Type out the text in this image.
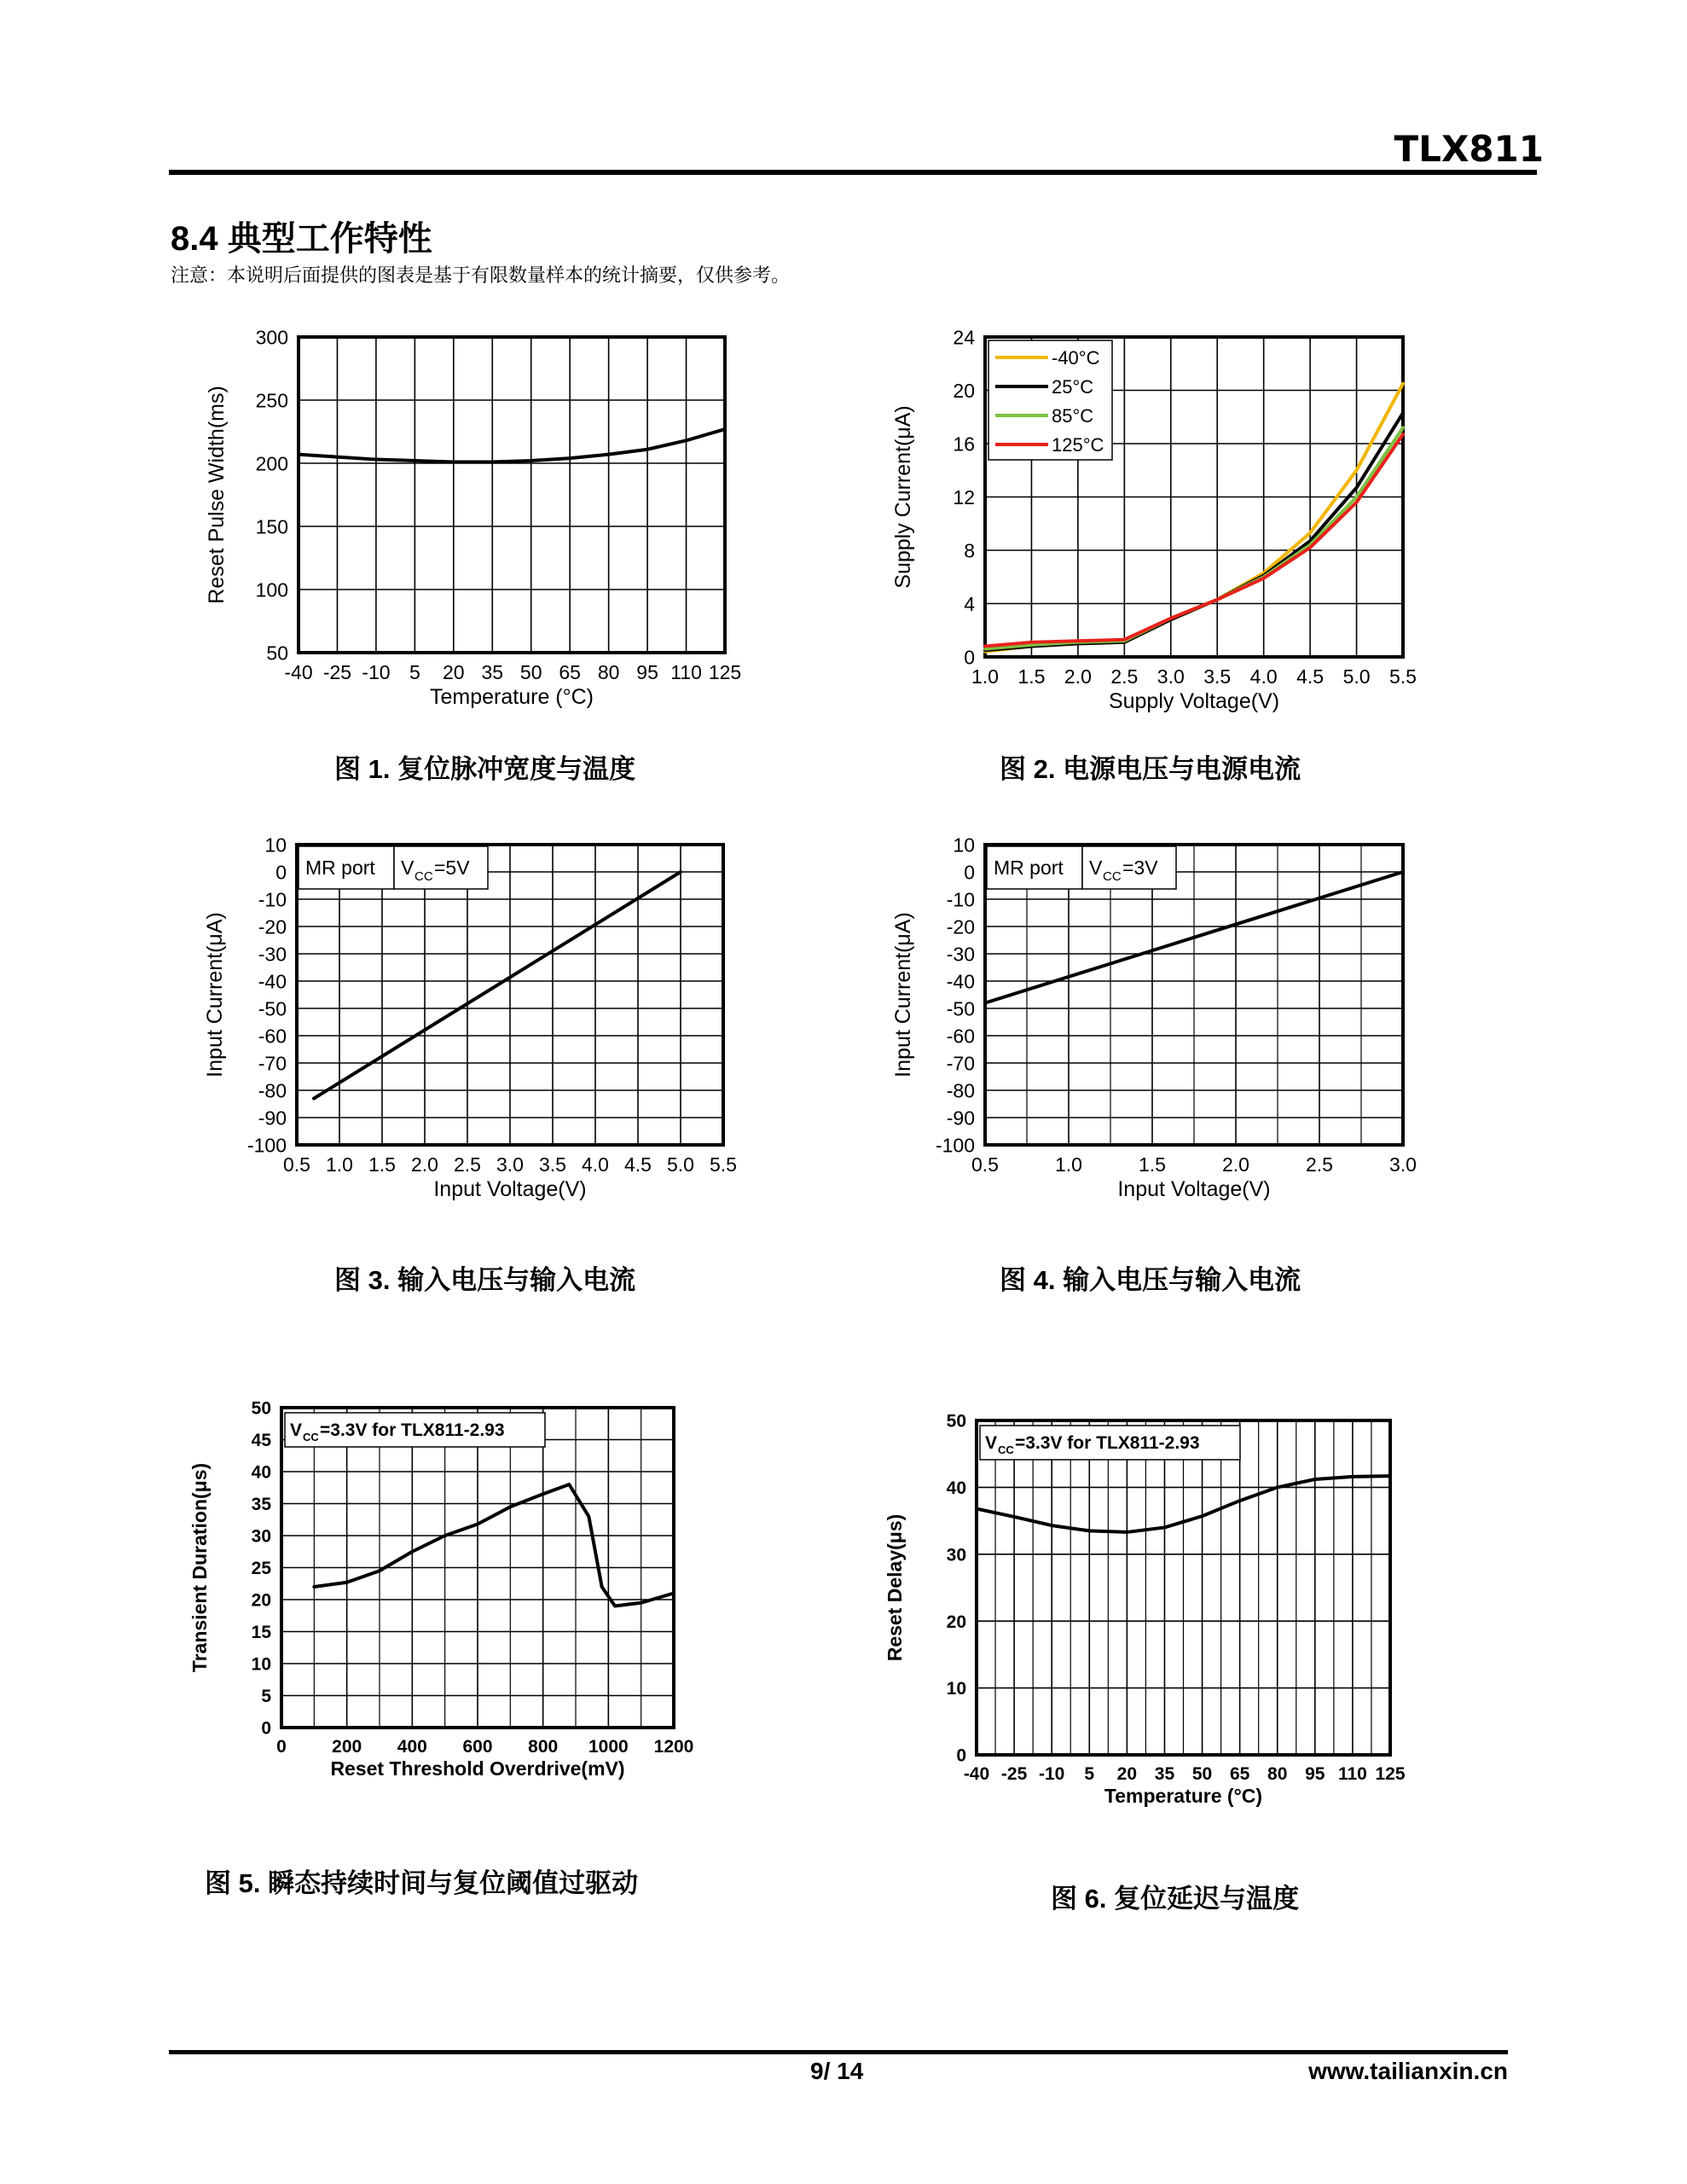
TLX811
8.4 典型工作特性
注意：本说明后面提供的图表是基于有限数量样本的统计摘要，仅供参考。
-40 -25 -10 5 20 35 50 65 80 95 110 125
50
100
150
200
250
300
Temperature (°C)
Reset Pulse Width(ms)
1.0 1.5 2.0 2.5 3.0 3.5 4.0 4.5 5.0 5.5
0
4
8
12
16
20
24
Supply Voltage(V)
Supply Current(μA)
-40°C
25°C
85°C
125°C
0.5 1.0 1.5 2.0 2.5 3.0 3.5 4.0 4.5 5.0 5.5
10
0
-10
-20
-30
-40
-50
-60
-70
-80
-90
-100
Input Voltage(V)
Input Current(μA)
MR port V CC =5V
0.5	1.0	1.5	2.0	2.5	3.0
10
0
-10
-20
-30
-40
-50
-60
-70
-80
-90
-100
Input Voltage(V)
Input Current(μA)
MR port V CC =3V
0	200 400 600 800 1000 1200
0
5
10
15
20
25
30
35
40
45
50
Reset Threshold Overdrive(mV)
Transient Duration(μs)
V CC =3.3V for TLX811-2.93
-40 -25 -10 5 20 35 50 65 80 95 110 125
0
10
20
30
40
50
Temperature (°C)
Reset Delay(μs)
V CC =3.3V for TLX811-2.93
图 1. 复位脉冲宽度与温度	图 2. 电源电压与电源电流
图 3. 输入电压与输入电流	图 4. 输入电压与输入电流
图 5. 瞬态持续时间与复位阈值过驱动
图 6. 复位延迟与温度
9/ 14	www.tailianxin.cn
